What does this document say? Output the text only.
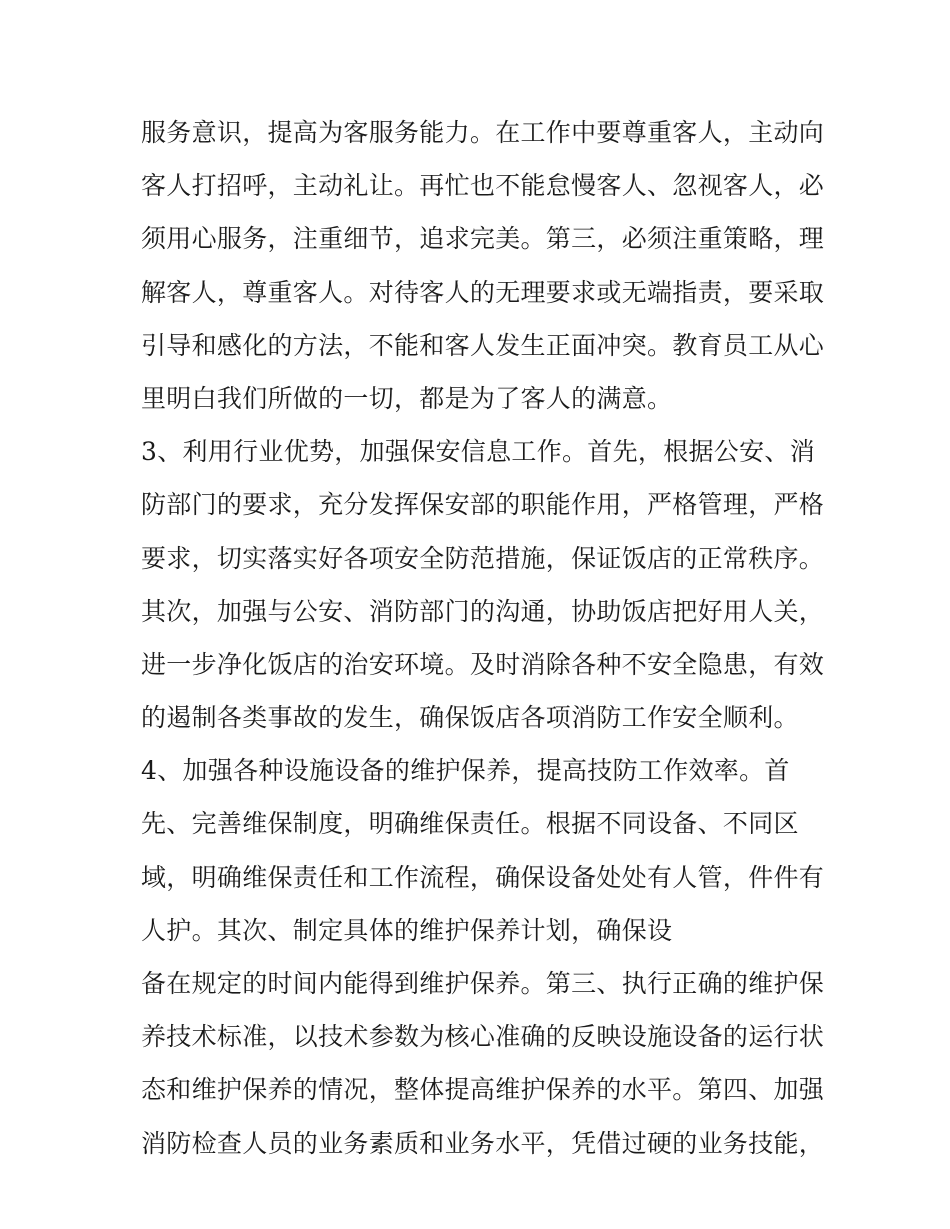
服务意识，提高为客服务能力。在工作中要尊重客人，主动向
客人打招呼，主动礼让。再忙也不能怠慢客人、忽视客人，必
须用心服务，注重细节，追求完美。第三，必须注重策略，理
解客人，尊重客人。对待客人的无理要求或无端指责，要采取
引导和感化的方法，不能和客人发生正面冲突。教育员工从心
里明白我们所做的一切，都是为了客人的满意。
3、利用行业优势，加强保安信息工作。首先，根据公安、消
防部门的要求，充分发挥保安部的职能作用，严格管理，严格
要求，切实落实好各项安全防范措施，保证饭店的正常秩序。
其次，加强与公安、消防部门的沟通，协助饭店把好用人关，
进一步净化饭店的治安环境。及时消除各种不安全隐患，有效
的遏制各类事故的发生，确保饭店各项消防工作安全顺利。
4、加强各种设施设备的维护保养，提高技防工作效率。首
先、完善维保制度，明确维保责任。根据不同设备、不同区
域，明确维保责任和工作流程，确保设备处处有人管，件件有
人护。其次、制定具体的维护保养计划，确保设
备在规定的时间内能得到维护保养。第三、执行正确的维护保
养技术标准，以技术参数为核心准确的反映设施设备的运行状
态和维护保养的情况，整体提高维护保养的水平。第四、加强
消防检查人员的业务素质和业务水平，凭借过硬的业务技能，
